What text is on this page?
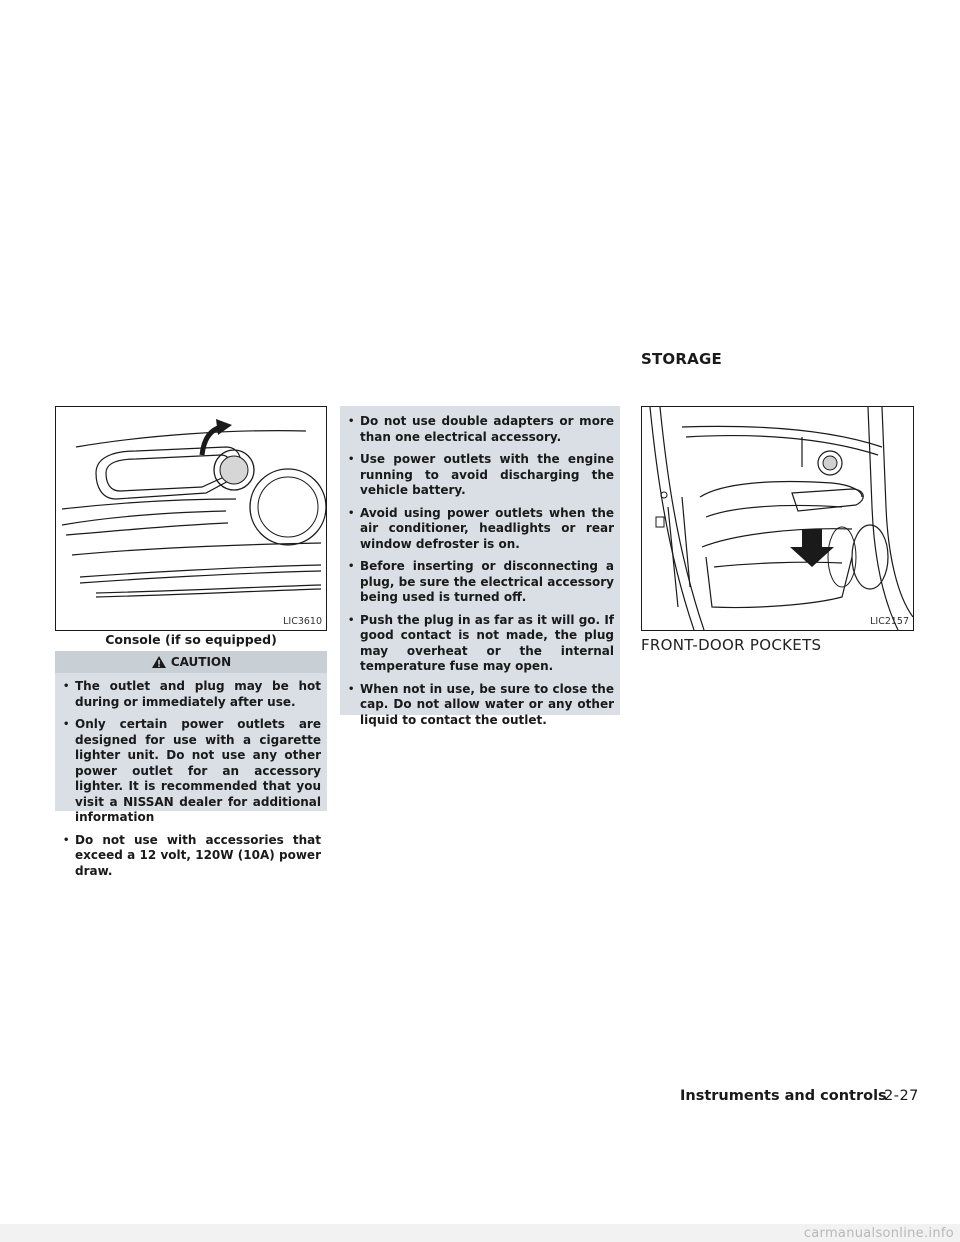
STORAGE
LIC3610
Console (if so equipped)
CAUTION
• The outlet and plug may be hot during or immediately after use.
• Only certain power outlets are designed for use with a cigarette lighter unit. Do not use any other power outlet for an accessory lighter. It is recommended that you visit a NISSAN dealer for additional information
• Do not use with accessories that exceed a 12 volt, 120W (10A) power draw.
• Do not use double adapters or more than one electrical accessory.
• Use power outlets with the engine running to avoid discharging the vehicle battery.
• Avoid using power outlets when the air conditioner, headlights or rear window defroster is on.
• Before inserting or disconnecting a plug, be sure the electrical accessory being used is turned off.
• Push the plug in as far as it will go. If good contact is not made, the plug may overheat or the internal temperature fuse may open.
• When not in use, be sure to close the cap. Do not allow water or any other liquid to contact the outlet.
LIC2157
FRONT-DOOR POCKETS
Instruments and controls
2-27
carmanualsonline.info
